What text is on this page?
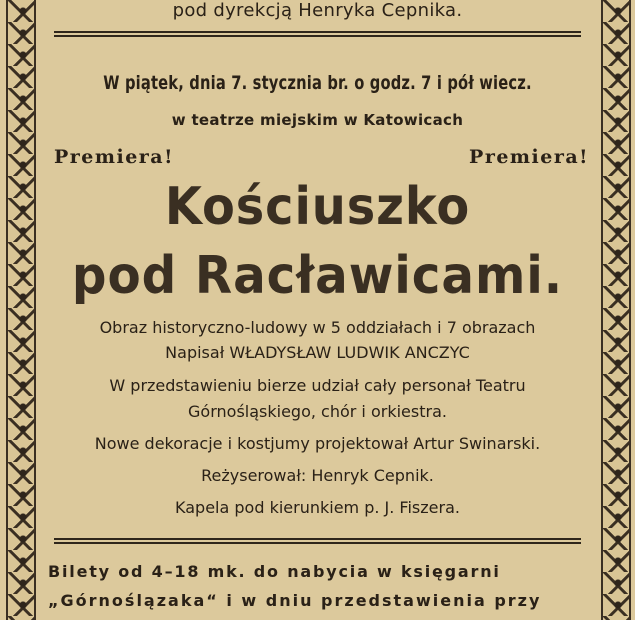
pod dyrekcją Henryka Cepnika.
W piątek, dnia 7. stycznia br. o godz. 7 i pół wiecz.
w teatrze miejskim w Katowicach
Premiera!	Premiera!
Kościuszko
pod Racławicami.
Obraz historyczno-ludowy w 5 oddziałach i 7 obrazach
Napisał WŁADYSŁAW LUDWIK ANCZYC
W przedstawieniu bierze udział cały personał Teatru
Górnośląskiego, chór i orkiestra.
Nowe dekoracje i kostjumy projektował Artur Swinarski.
Reżyserował: Henryk Cepnik.
Kapela pod kierunkiem p. J. Fiszera.
Bilety od 4–18 mk. do nabycia w księgarni
„Górnoślązaka“ i w dniu przedstawienia przy
